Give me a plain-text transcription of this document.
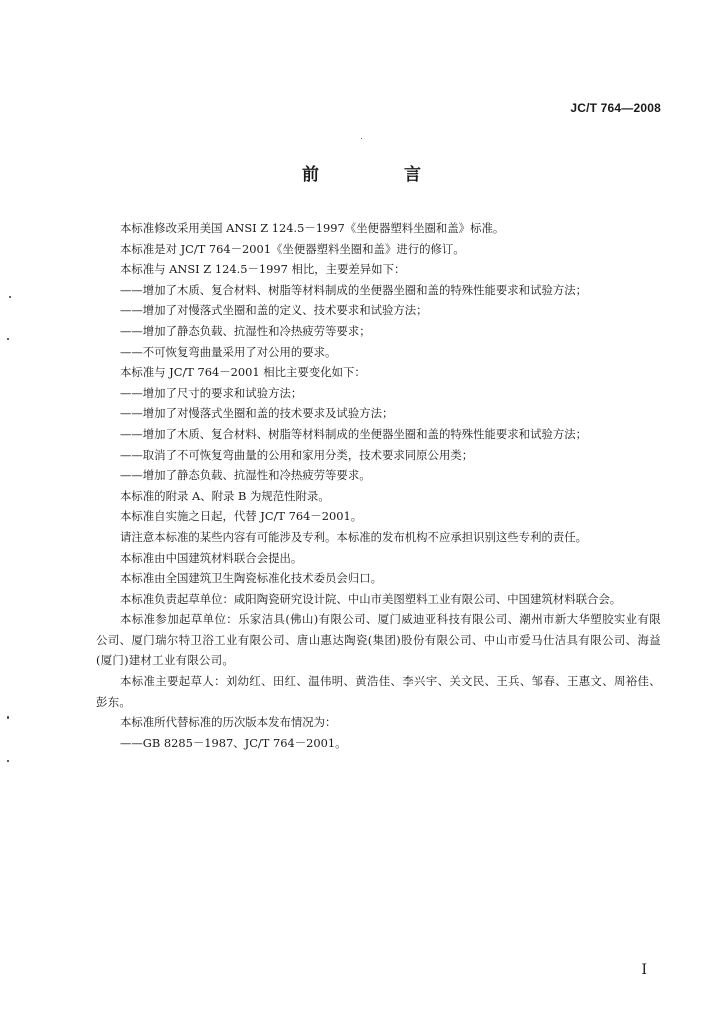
JC/T 764—2008
前　言
本标准修改采用美国 ANSI Z 124.5－1997《坐便器塑料坐圈和盖》标准。
本标准是对 JC/T 764－2001《坐便器塑料坐圈和盖》进行的修订。
本标准与 ANSI Z 124.5－1997 相比，主要差异如下：
——增加了木质、复合材料、树脂等材料制成的坐便器坐圈和盖的特殊性能要求和试验方法；
——增加了对慢落式坐圈和盖的定义、技术要求和试验方法；
——增加了静态负载、抗湿性和冷热疲劳等要求；
——不可恢复弯曲量采用了对公用的要求。
本标准与 JC/T 764－2001 相比主要变化如下：
——增加了尺寸的要求和试验方法；
——增加了对慢落式坐圈和盖的技术要求及试验方法；
——增加了木质、复合材料、树脂等材料制成的坐便器坐圈和盖的特殊性能要求和试验方法；
——取消了不可恢复弯曲量的公用和家用分类，技术要求同原公用类；
——增加了静态负载、抗湿性和冷热疲劳等要求。
本标准的附录 A、附录 B 为规范性附录。
本标准自实施之日起，代替 JC/T 764－2001。
请注意本标准的某些内容有可能涉及专利。本标准的发布机构不应承担识别这些专利的责任。
本标准由中国建筑材料联合会提出。
本标准由全国建筑卫生陶瓷标准化技术委员会归口。
本标准负责起草单位：咸阳陶瓷研究设计院、中山市美图塑料工业有限公司、中国建筑材料联合会。
本标准参加起草单位：乐家洁具(佛山)有限公司、厦门威迪亚科技有限公司、潮州市新大华塑胶实业有限公司、厦门瑞尔特卫浴工业有限公司、唐山惠达陶瓷(集团)股份有限公司、中山市爱马仕洁具有限公司、海益(厦门)建材工业有限公司。
本标准主要起草人：刘幼红、田红、温伟明、黄浩佳、李兴宇、关文民、王兵、邹春、王惠文、周裕佳、彭东。
本标准所代替标准的历次版本发布情况为：
——GB 8285－1987、JC/T 764－2001。
I
